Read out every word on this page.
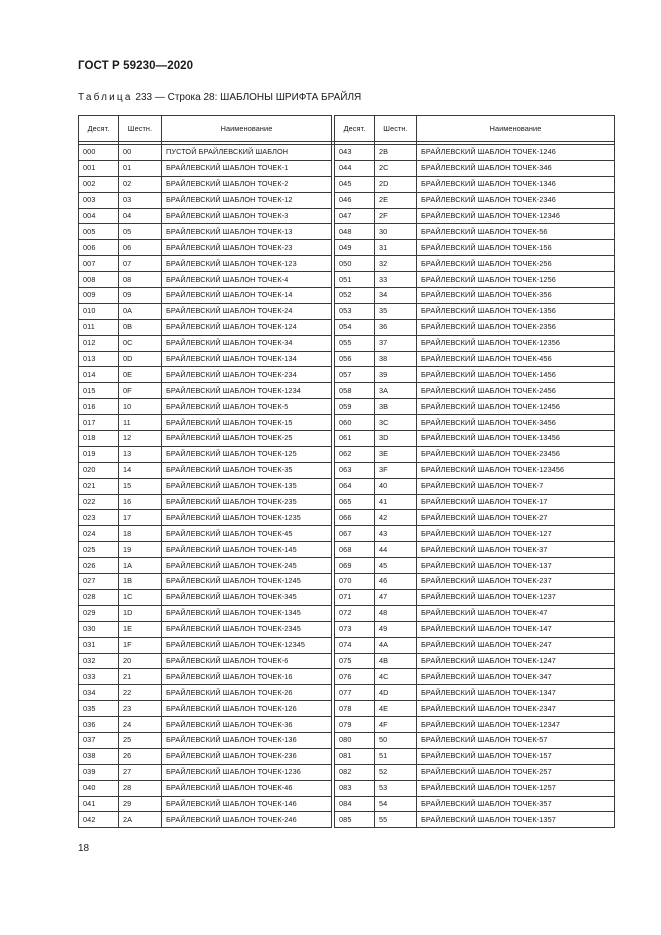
ГОСТ Р 59230—2020
Таблица 233 — Строка 28: ШАБЛОНЫ ШРИФТА БРАЙЛЯ
Десят.	Шестн.	Наименование		Десят.	Шестн.	Наименование

000	00	ПУСТОЙ БРАЙЛЕВСКИЙ ШАБЛОН		043	2B	БРАЙЛЕВСКИЙ ШАБЛОН ТОЧЕК-1246
001	01	БРАЙЛЕВСКИЙ ШАБЛОН ТОЧЕК-1		044	2C	БРАЙЛЕВСКИЙ ШАБЛОН ТОЧЕК-346
002	02	БРАЙЛЕВСКИЙ ШАБЛОН ТОЧЕК-2		045	2D	БРАЙЛЕВСКИЙ ШАБЛОН ТОЧЕК-1346
003	03	БРАЙЛЕВСКИЙ ШАБЛОН ТОЧЕК-12		046	2E	БРАЙЛЕВСКИЙ ШАБЛОН ТОЧЕК-2346
004	04	БРАЙЛЕВСКИЙ ШАБЛОН ТОЧЕК-3		047	2F	БРАЙЛЕВСКИЙ ШАБЛОН ТОЧЕК-12346
005	05	БРАЙЛЕВСКИЙ ШАБЛОН ТОЧЕК-13		048	30	БРАЙЛЕВСКИЙ ШАБЛОН ТОЧЕК-56
006	06	БРАЙЛЕВСКИЙ ШАБЛОН ТОЧЕК-23		049	31	БРАЙЛЕВСКИЙ ШАБЛОН ТОЧЕК-156
007	07	БРАЙЛЕВСКИЙ ШАБЛОН ТОЧЕК-123		050	32	БРАЙЛЕВСКИЙ ШАБЛОН ТОЧЕК-256
008	08	БРАЙЛЕВСКИЙ ШАБЛОН ТОЧЕК-4		051	33	БРАЙЛЕВСКИЙ ШАБЛОН ТОЧЕК-1256
009	09	БРАЙЛЕВСКИЙ ШАБЛОН ТОЧЕК-14		052	34	БРАЙЛЕВСКИЙ ШАБЛОН ТОЧЕК-356
010	0A	БРАЙЛЕВСКИЙ ШАБЛОН ТОЧЕК-24		053	35	БРАЙЛЕВСКИЙ ШАБЛОН ТОЧЕК-1356
011	0B	БРАЙЛЕВСКИЙ ШАБЛОН ТОЧЕК-124		054	36	БРАЙЛЕВСКИЙ ШАБЛОН ТОЧЕК-2356
012	0C	БРАЙЛЕВСКИЙ ШАБЛОН ТОЧЕК-34		055	37	БРАЙЛЕВСКИЙ ШАБЛОН ТОЧЕК-12356
013	0D	БРАЙЛЕВСКИЙ ШАБЛОН ТОЧЕК-134		056	38	БРАЙЛЕВСКИЙ ШАБЛОН ТОЧЕК-456
014	0E	БРАЙЛЕВСКИЙ ШАБЛОН ТОЧЕК-234		057	39	БРАЙЛЕВСКИЙ ШАБЛОН ТОЧЕК-1456
015	0F	БРАЙЛЕВСКИЙ ШАБЛОН ТОЧЕК-1234		058	3A	БРАЙЛЕВСКИЙ ШАБЛОН ТОЧЕК-2456
016	10	БРАЙЛЕВСКИЙ ШАБЛОН ТОЧЕК-5		059	3B	БРАЙЛЕВСКИЙ ШАБЛОН ТОЧЕК-12456
017	11	БРАЙЛЕВСКИЙ ШАБЛОН ТОЧЕК-15		060	3C	БРАЙЛЕВСКИЙ ШАБЛОН ТОЧЕК-3456
018	12	БРАЙЛЕВСКИЙ ШАБЛОН ТОЧЕК-25		061	3D	БРАЙЛЕВСКИЙ ШАБЛОН ТОЧЕК-13456
019	13	БРАЙЛЕВСКИЙ ШАБЛОН ТОЧЕК-125		062	3E	БРАЙЛЕВСКИЙ ШАБЛОН ТОЧЕК-23456
020	14	БРАЙЛЕВСКИЙ ШАБЛОН ТОЧЕК-35		063	3F	БРАЙЛЕВСКИЙ ШАБЛОН ТОЧЕК-123456
021	15	БРАЙЛЕВСКИЙ ШАБЛОН ТОЧЕК-135		064	40	БРАЙЛЕВСКИЙ ШАБЛОН ТОЧЕК-7
022	16	БРАЙЛЕВСКИЙ ШАБЛОН ТОЧЕК-235		065	41	БРАЙЛЕВСКИЙ ШАБЛОН ТОЧЕК-17
023	17	БРАЙЛЕВСКИЙ ШАБЛОН ТОЧЕК-1235		066	42	БРАЙЛЕВСКИЙ ШАБЛОН ТОЧЕК-27
024	18	БРАЙЛЕВСКИЙ ШАБЛОН ТОЧЕК-45		067	43	БРАЙЛЕВСКИЙ ШАБЛОН ТОЧЕК-127
025	19	БРАЙЛЕВСКИЙ ШАБЛОН ТОЧЕК-145		068	44	БРАЙЛЕВСКИЙ ШАБЛОН ТОЧЕК-37
026	1A	БРАЙЛЕВСКИЙ ШАБЛОН ТОЧЕК-245		069	45	БРАЙЛЕВСКИЙ ШАБЛОН ТОЧЕК-137
027	1B	БРАЙЛЕВСКИЙ ШАБЛОН ТОЧЕК-1245		070	46	БРАЙЛЕВСКИЙ ШАБЛОН ТОЧЕК-237
028	1C	БРАЙЛЕВСКИЙ ШАБЛОН ТОЧЕК-345		071	47	БРАЙЛЕВСКИЙ ШАБЛОН ТОЧЕК-1237
029	1D	БРАЙЛЕВСКИЙ ШАБЛОН ТОЧЕК-1345		072	48	БРАЙЛЕВСКИЙ ШАБЛОН ТОЧЕК-47
030	1E	БРАЙЛЕВСКИЙ ШАБЛОН ТОЧЕК-2345		073	49	БРАЙЛЕВСКИЙ ШАБЛОН ТОЧЕК-147
031	1F	БРАЙЛЕВСКИЙ ШАБЛОН ТОЧЕК-12345		074	4A	БРАЙЛЕВСКИЙ ШАБЛОН ТОЧЕК-247
032	20	БРАЙЛЕВСКИЙ ШАБЛОН ТОЧЕК-6		075	4B	БРАЙЛЕВСКИЙ ШАБЛОН ТОЧЕК-1247
033	21	БРАЙЛЕВСКИЙ ШАБЛОН ТОЧЕК-16		076	4C	БРАЙЛЕВСКИЙ ШАБЛОН ТОЧЕК-347
034	22	БРАЙЛЕВСКИЙ ШАБЛОН ТОЧЕК-26		077	4D	БРАЙЛЕВСКИЙ ШАБЛОН ТОЧЕК-1347
035	23	БРАЙЛЕВСКИЙ ШАБЛОН ТОЧЕК-126		078	4E	БРАЙЛЕВСКИЙ ШАБЛОН ТОЧЕК-2347
036	24	БРАЙЛЕВСКИЙ ШАБЛОН ТОЧЕК-36		079	4F	БРАЙЛЕВСКИЙ ШАБЛОН ТОЧЕК-12347
037	25	БРАЙЛЕВСКИЙ ШАБЛОН ТОЧЕК-136		080	50	БРАЙЛЕВСКИЙ ШАБЛОН ТОЧЕК-57
038	26	БРАЙЛЕВСКИЙ ШАБЛОН ТОЧЕК-236		081	51	БРАЙЛЕВСКИЙ ШАБЛОН ТОЧЕК-157
039	27	БРАЙЛЕВСКИЙ ШАБЛОН ТОЧЕК-1236		082	52	БРАЙЛЕВСКИЙ ШАБЛОН ТОЧЕК-257
040	28	БРАЙЛЕВСКИЙ ШАБЛОН ТОЧЕК-46		083	53	БРАЙЛЕВСКИЙ ШАБЛОН ТОЧЕК-1257
041	29	БРАЙЛЕВСКИЙ ШАБЛОН ТОЧЕК-146		084	54	БРАЙЛЕВСКИЙ ШАБЛОН ТОЧЕК-357
042	2A	БРАЙЛЕВСКИЙ ШАБЛОН ТОЧЕК-246		085	55	БРАЙЛЕВСКИЙ ШАБЛОН ТОЧЕК-1357
18
